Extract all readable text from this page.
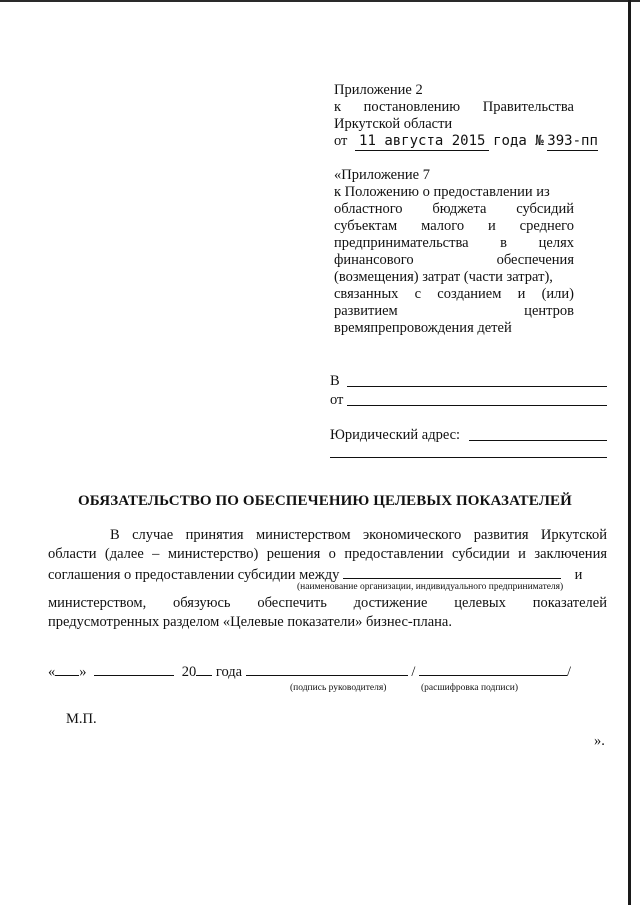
Приложение 2
к постановлению Правительства
Иркутской области
от 11 августа 2015 года № 393-пп
«Приложение 7
к Положению о предоставлении из
областного бюджета субсидий
субъектам малого и среднего
предпринимательства в целях
финансового обеспечения
(возмещения) затрат (части затрат),
связанных с созданием и (или)
развитием центров
времяпрепровождения детей
В
от
Юридический адрес:
ОБЯЗАТЕЛЬСТВО ПО ОБЕСПЕЧЕНИЮ ЦЕЛЕВЫХ ПОКАЗАТЕЛЕЙ
В случае принятия министерством экономического развития Иркутской
области (далее – министерство) решения о предоставлении субсидии и заключения
соглашения о предоставлении субсидии между	и
(наименование организации, индивидуального предпринимателя)
министерством, обязуюсь обеспечить достижение целевых показателей
предусмотренных разделом «Целевые показатели» бизнес-плана.
« »	20 года	/	/
(подпись руководителя)	(расшифровка подписи)
М.П.
».
